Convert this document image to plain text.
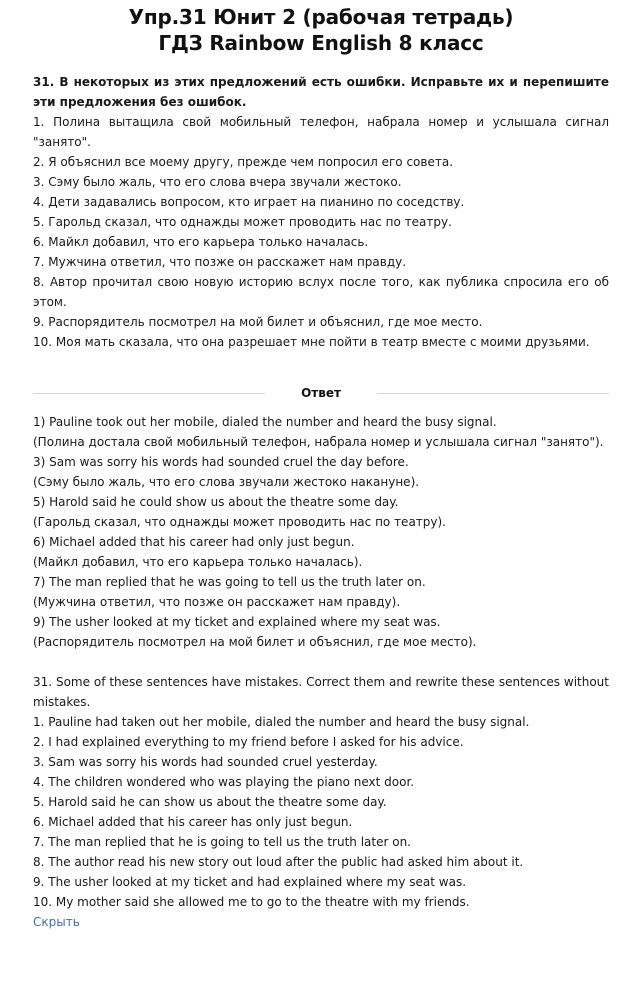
Упр.31 Юнит 2 (рабочая тетрадь)
ГДЗ Rainbow English 8 класс
31. В некоторых из этих предложений есть ошибки. Исправьте их и перепишите эти предложения без ошибок.
1. Полина вытащила свой мобильный телефон, набрала номер и услышала сигнал "занято".
2. Я объяснил все моему другу, прежде чем попросил его совета.
3. Сэму было жаль, что его слова вчера звучали жестоко.
4. Дети задавались вопросом, кто играет на пианино по соседству.
5. Гарольд сказал, что однажды может проводить нас по театру.
6. Майкл добавил, что его карьера только началась.
7. Мужчина ответил, что позже он расскажет нам правду.
8. Автор прочитал свою новую историю вслух после того, как публика спросила его об этом.
9. Распорядитель посмотрел на мой билет и объяснил, где мое место.
10. Моя мать сказала, что она разрешает мне пойти в театр вместе с моими друзьями.
Ответ
1) Pauline took out her mobile, dialed the number and heard the busy signal.
(Полина достала свой мобильный телефон, набрала номер и услышала сигнал "занято").
3) Sam was sorry his words had sounded cruel the day before.
(Сэму было жаль, что его слова звучали жестоко накануне).
5) Harold said he could show us about the theatre some day.
(Гарольд сказал, что однажды может проводить нас по театру).
6) Michael added that his career had only just begun.
(Майкл добавил, что его карьера только началась).
7) The man replied that he was going to tell us the truth later on.
(Мужчина ответил, что позже он расскажет нам правду).
9) The usher looked at my ticket and explained where my seat was.
(Распорядитель посмотрел на мой билет и объяснил, где мое место).
31. Some of these sentences have mistakes. Correct them and rewrite these sentences without mistakes.
1. Pauline had taken out her mobile, dialed the number and heard the busy signal.
2. I had explained everything to my friend before I asked for his advice.
3. Sam was sorry his words had sounded cruel yesterday.
4. The children wondered who was playing the piano next door.
5. Harold said he can show us about the theatre some day.
6. Michael added that his career has only just begun.
7. The man replied that he is going to tell us the truth later on.
8. The author read his new story out loud after the public had asked him about it.
9. The usher looked at my ticket and had explained where my seat was.
10. My mother said she allowed me to go to the theatre with my friends.
Скрыть
